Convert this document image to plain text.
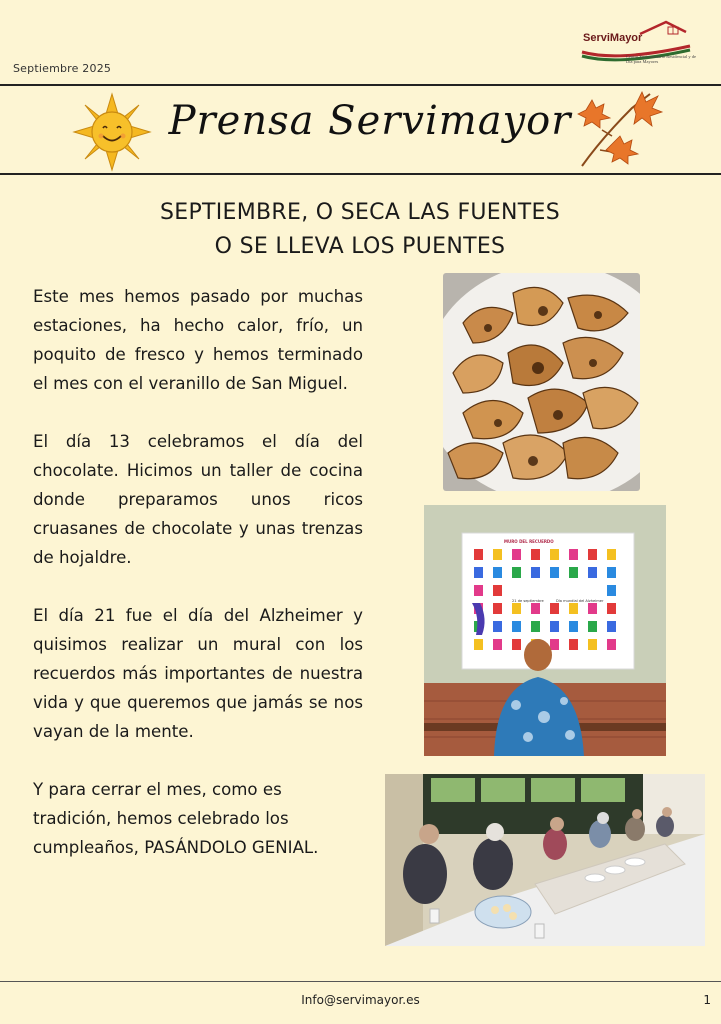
Septiembre 2025
ServiMayor
Centro Sociosanitario Residencial y de Día para Mayores
Prensa Servimayor
SEPTIEMBRE, O SECA LAS FUENTES
O SE LLEVA LOS PUENTES

Este mes hemos pasado por muchas estaciones, ha hecho calor, frío, un poquito de fresco y hemos terminado el mes con el veranillo de San Miguel.

El día 13 celebramos el día del chocolate. Hicimos un taller de cocina donde preparamos unos ricos cruasanes de chocolate y unas trenzas de hojaldre.

El día 21 fue el día del Alzheimer y quisimos realizar un mural con los recuerdos más importantes de nuestra vida y que queremos que jamás se nos vayan de la mente.

Y para cerrar el mes, como es tradición, hemos celebrado los cumpleaños, PASÁNDOLO GENIAL.

MURO DEL RECUERDO
21 de septiembre	Día mundial del Alzheimer
Info@servimayor.es	1
